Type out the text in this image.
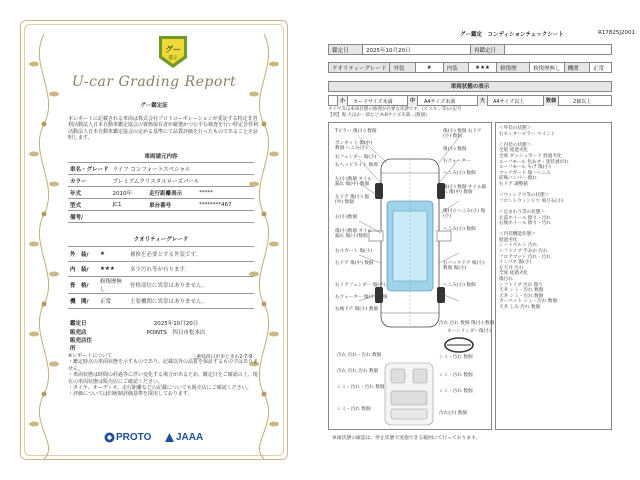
グー
鑑定
U-car Grading Report
グー鑑定証
本レポートに記載される車両は株式会社プロトコーポレーションが委託する特定非営利活動法人日本自動車鑑定協会の資格保有者が厳選かつ公平な検査を行い特定非営利活動法人日本自動車鑑定協会の定める基準にて品質評価を行ったものであることを証明します。
車両請元内容
車名・グレード	ライフ コンフォートスペシャル		
カラー	プレミアムクリスタルローズパール		
年式	2010年	走行距離表示	*****
型式	JC1	車台番号	********467
備考/			
クオリティーグレード
外　装/	★	補修を必要とする外装です。
内　装/	★★★	多少汚れ等が有ります。
骨　格/	修復歴無し	骨格部位に異常はありません。
機　関/	正常	主要機関に異常はありません。
鑑定日	2025年10月20日
販売店	POINTS　四日市松本店
販売店住所	
	三重県四日市市ときわ2-7-9
※レポートについて
・鑑定時点の車両状態を示すものであり、記載以外の品質を保証するものではありません。
・車両状態は時間の経過等に伴い変化する場合があるため、鑑定日をご確認の上、現在の車両状態は販売店にご確認ください。
・タイヤ、オーディオ、走行距離などの記載についても販売店にご確認ください。
・評価については旧統制評価基準を採用しております。
PROTO JAAA
グー鑑定　コンディションチェックシート	R17825J2001
鑑定日	2025年10月20日	再鑑定日	
クオリティーグレード	外装	★	内装	★★★	修復歴	修復歴無し	機関	正常
車両状態の表示
小	カードサイズ未満	中	A4サイズ未満	大	A4サイズ以上	数個	2個以上
タイヤ等は車両状態の修理が必要な状態です。(ビスキン等)の記号
【例】傷 大ほか一部など:A-Bサイズ未満...(数個)
Tピラー 傷(小) 数個
ボンネット 傷(中) 数個 へこみ(小)
右フェンダー 傷(小)
右ヘッドライト 修理
左(小)数個 オイル漏れ 傷(中) 数個
左ドア 傷(小) 傷(中) 数個
右(小)数個
傷(小)数個 オイル漏れ 傷(小)数個
右スカート 傷(小)
右ドア 傷(中) 数個
右リアフェンダー 傷(小)
右クォーター 傷(小) 数個
右後ドア 傷(小) 数個
傷(小) 数個 右ドア(小) 数個
傷(小) 数個
右クォーター
へこみ(小) 数個
傷(小) 数個 オイル漏れ 傷(中) 数個
傷(小) へこみ(小) 傷(小)
へこみ(小) 数個
右バックドア 傷(小) 数個 傷(小)
へこみ(小) 数個
汚れ 汚れ 数個 傷(小) 数個
キーシリンダー傷(小)
汚れ 汚れ・汚れ 数個	シミ・汚れ 数個
汚れ 汚れ 汚れ 数個
シミ・汚れ 数個
シミ・汚れ・汚れ 数個
シミ・汚れ 数個
シミ・汚れ 数個
汚れ(小) 数個
＜外装の状態＞
右センターピラー ペイント

＜内装の状態＞
全般 経過劣化
全席 ダッシュボード 経過劣化
ルーフモール 色あせ・塗装剥がれ
ルーフモール もげ 傷(小)
マッドガード 傷・へこみ
前後バンパー 擦れ
右ドア 調整値

＜ウィンドウ等の状態＞
フロントウィンドウ 飛び石(小)

＜足まわり等の状態＞
左前ホイール 擦り・汚れ
右後ホイール 擦り・汚れ

＜内装機能状態＞
経過劣化
シートベルト 汚れ
シフトノブ 手あか 汚れ
フロアマット 汚れ・汚れ
インパネ 傷(小)
左天井 汚れ
全席 経過劣化
傷汚れ
シフトノブ 汚れ 擦り
天井 シミ・汚れ 数個
天井 シミ・汚れ 数個
カーペット シミ・汚れ 数個
天井 しみ 汚れ 数個
車両状態の確認は、停止状態で実施できる範囲にて行っております。
